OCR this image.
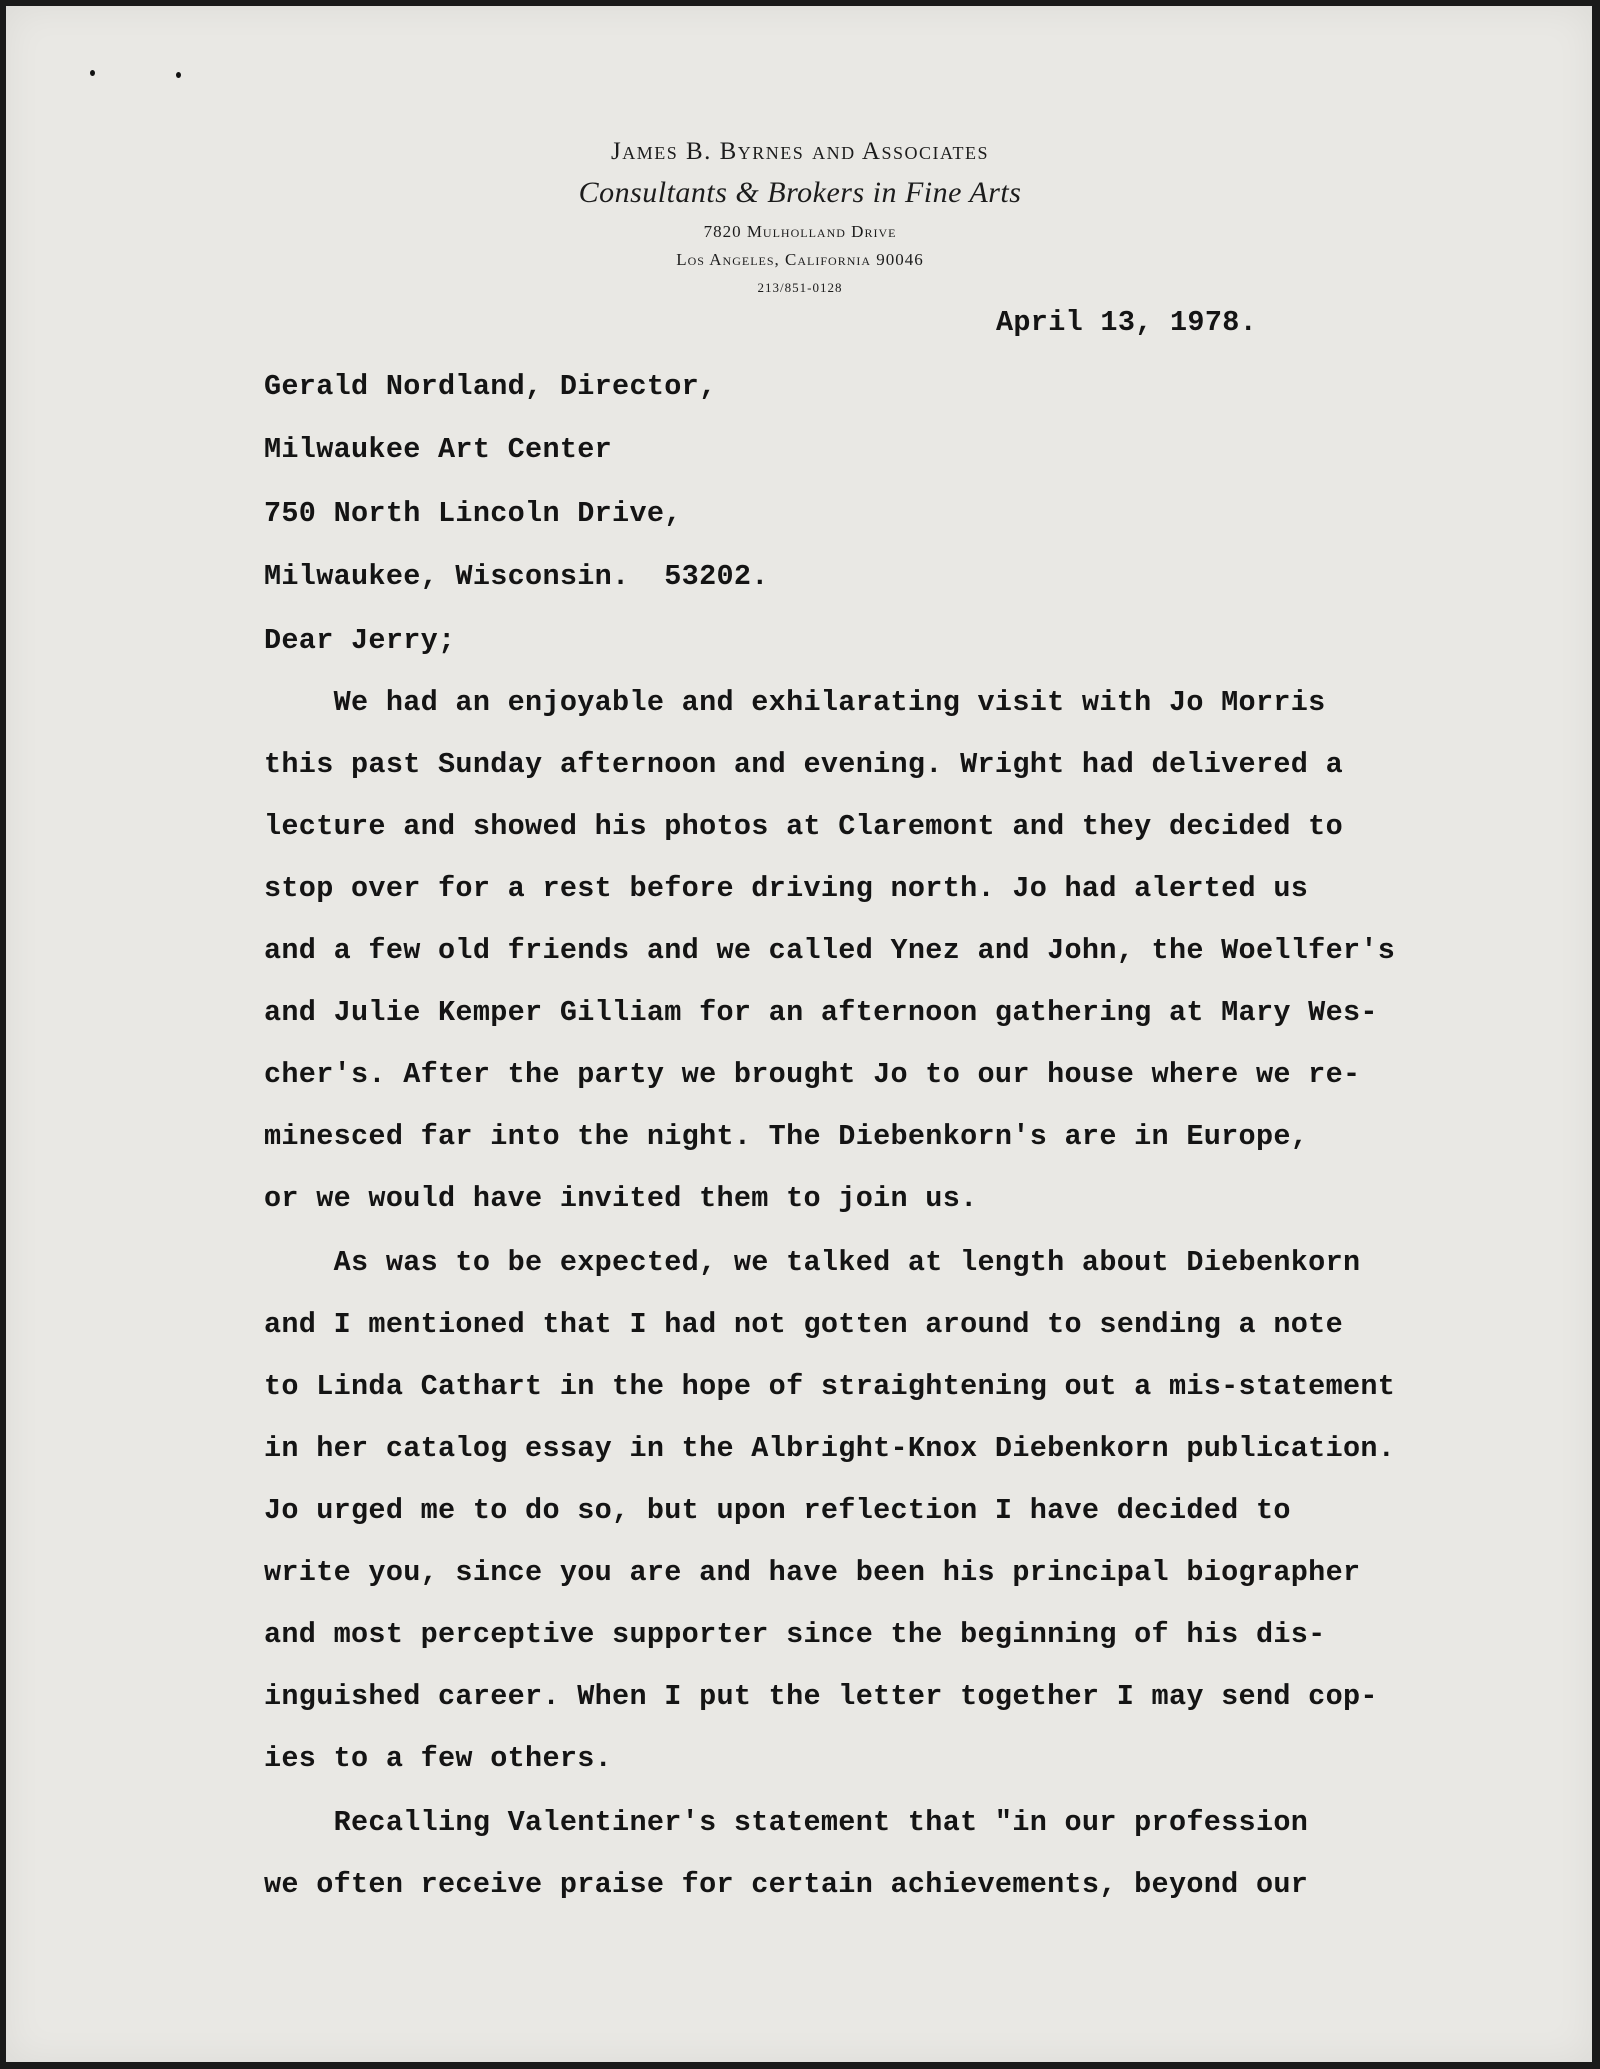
James B. Byrnes and Associates
Consultants & Brokers in Fine Arts
7820 Mulholland Drive
Los Angeles, California 90046
213/851-0128
April 13, 1978.
Gerald Nordland, Director,
Milwaukee Art Center
750 North Lincoln Drive,
Milwaukee, Wisconsin.  53202.
Dear Jerry;
We had an enjoyable and exhilarating visit with Jo Morris
this past Sunday afternoon and evening. Wright had delivered a
lecture and showed his photos at Claremont and they decided to
stop over for a rest before driving north. Jo had alerted us
and a few old friends and we called Ynez and John, the Woellfer's
and Julie Kemper Gilliam for an afternoon gathering at Mary Wes-
cher's. After the party we brought Jo to our house where we re-
minesced far into the night. The Diebenkorn's are in Europe,
or we would have invited them to join us.
As was to be expected, we talked at length about Diebenkorn
and I mentioned that I had not gotten around to sending a note
to Linda Cathart in the hope of straightening out a mis-statement
in her catalog essay in the Albright-Knox Diebenkorn publication.
Jo urged me to do so, but upon reflection I have decided to
write you, since you are and have been his principal biographer
and most perceptive supporter since the beginning of his dis-
inguished career. When I put the letter together I may send cop-
ies to a few others.
Recalling Valentiner's statement that "in our profession
we often receive praise for certain achievements, beyond our
